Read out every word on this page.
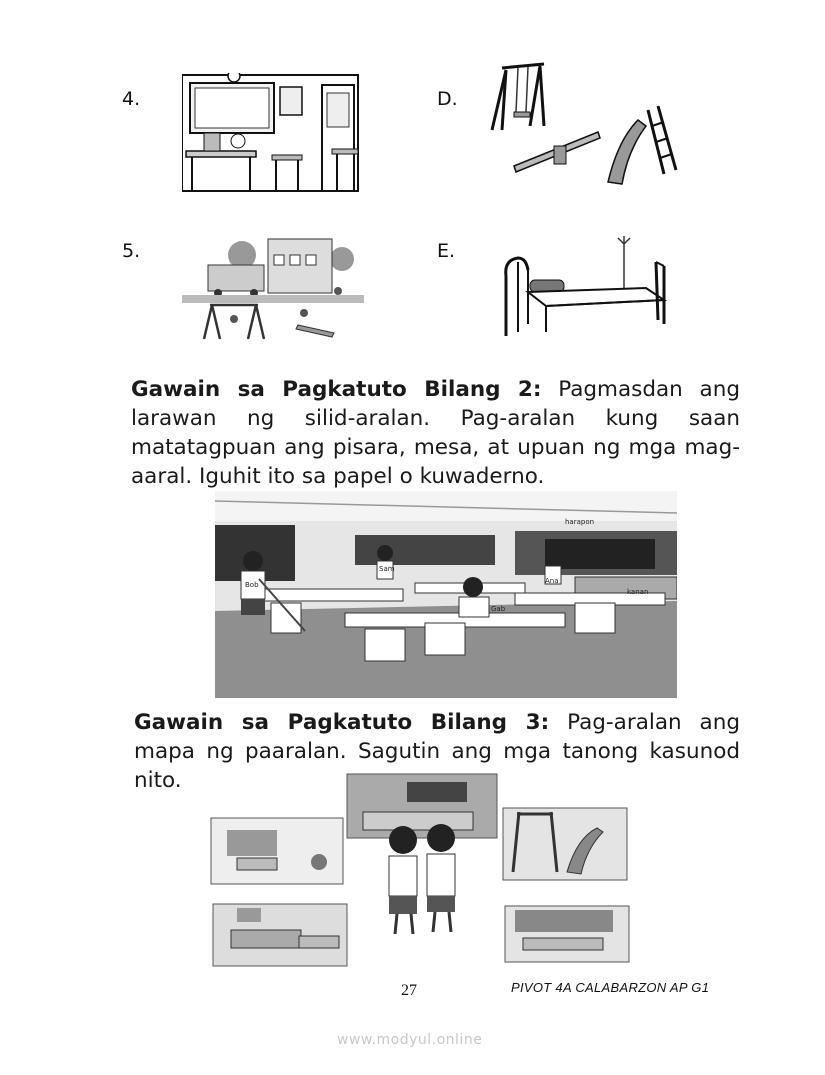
4.	D.
5.	E.
Gawain sa Pagkatuto Bilang 2: Pagmasdan ang larawan ng silid-aralan. Pag-aralan kung saan matatagpuan ang pisara, mesa, at upuan ng mga mag-aaral. Iguhit ito sa papel o kuwaderno.
harapon
kanan
Bob
Sam
Ana
Gab
Gawain sa Pagkatuto Bilang 3: Pag-aralan ang mapa ng paaralan. Sagutin ang mga tanong kasunod nito.
27	PIVOT 4A CALABARZON AP G1
www.modyul.online
